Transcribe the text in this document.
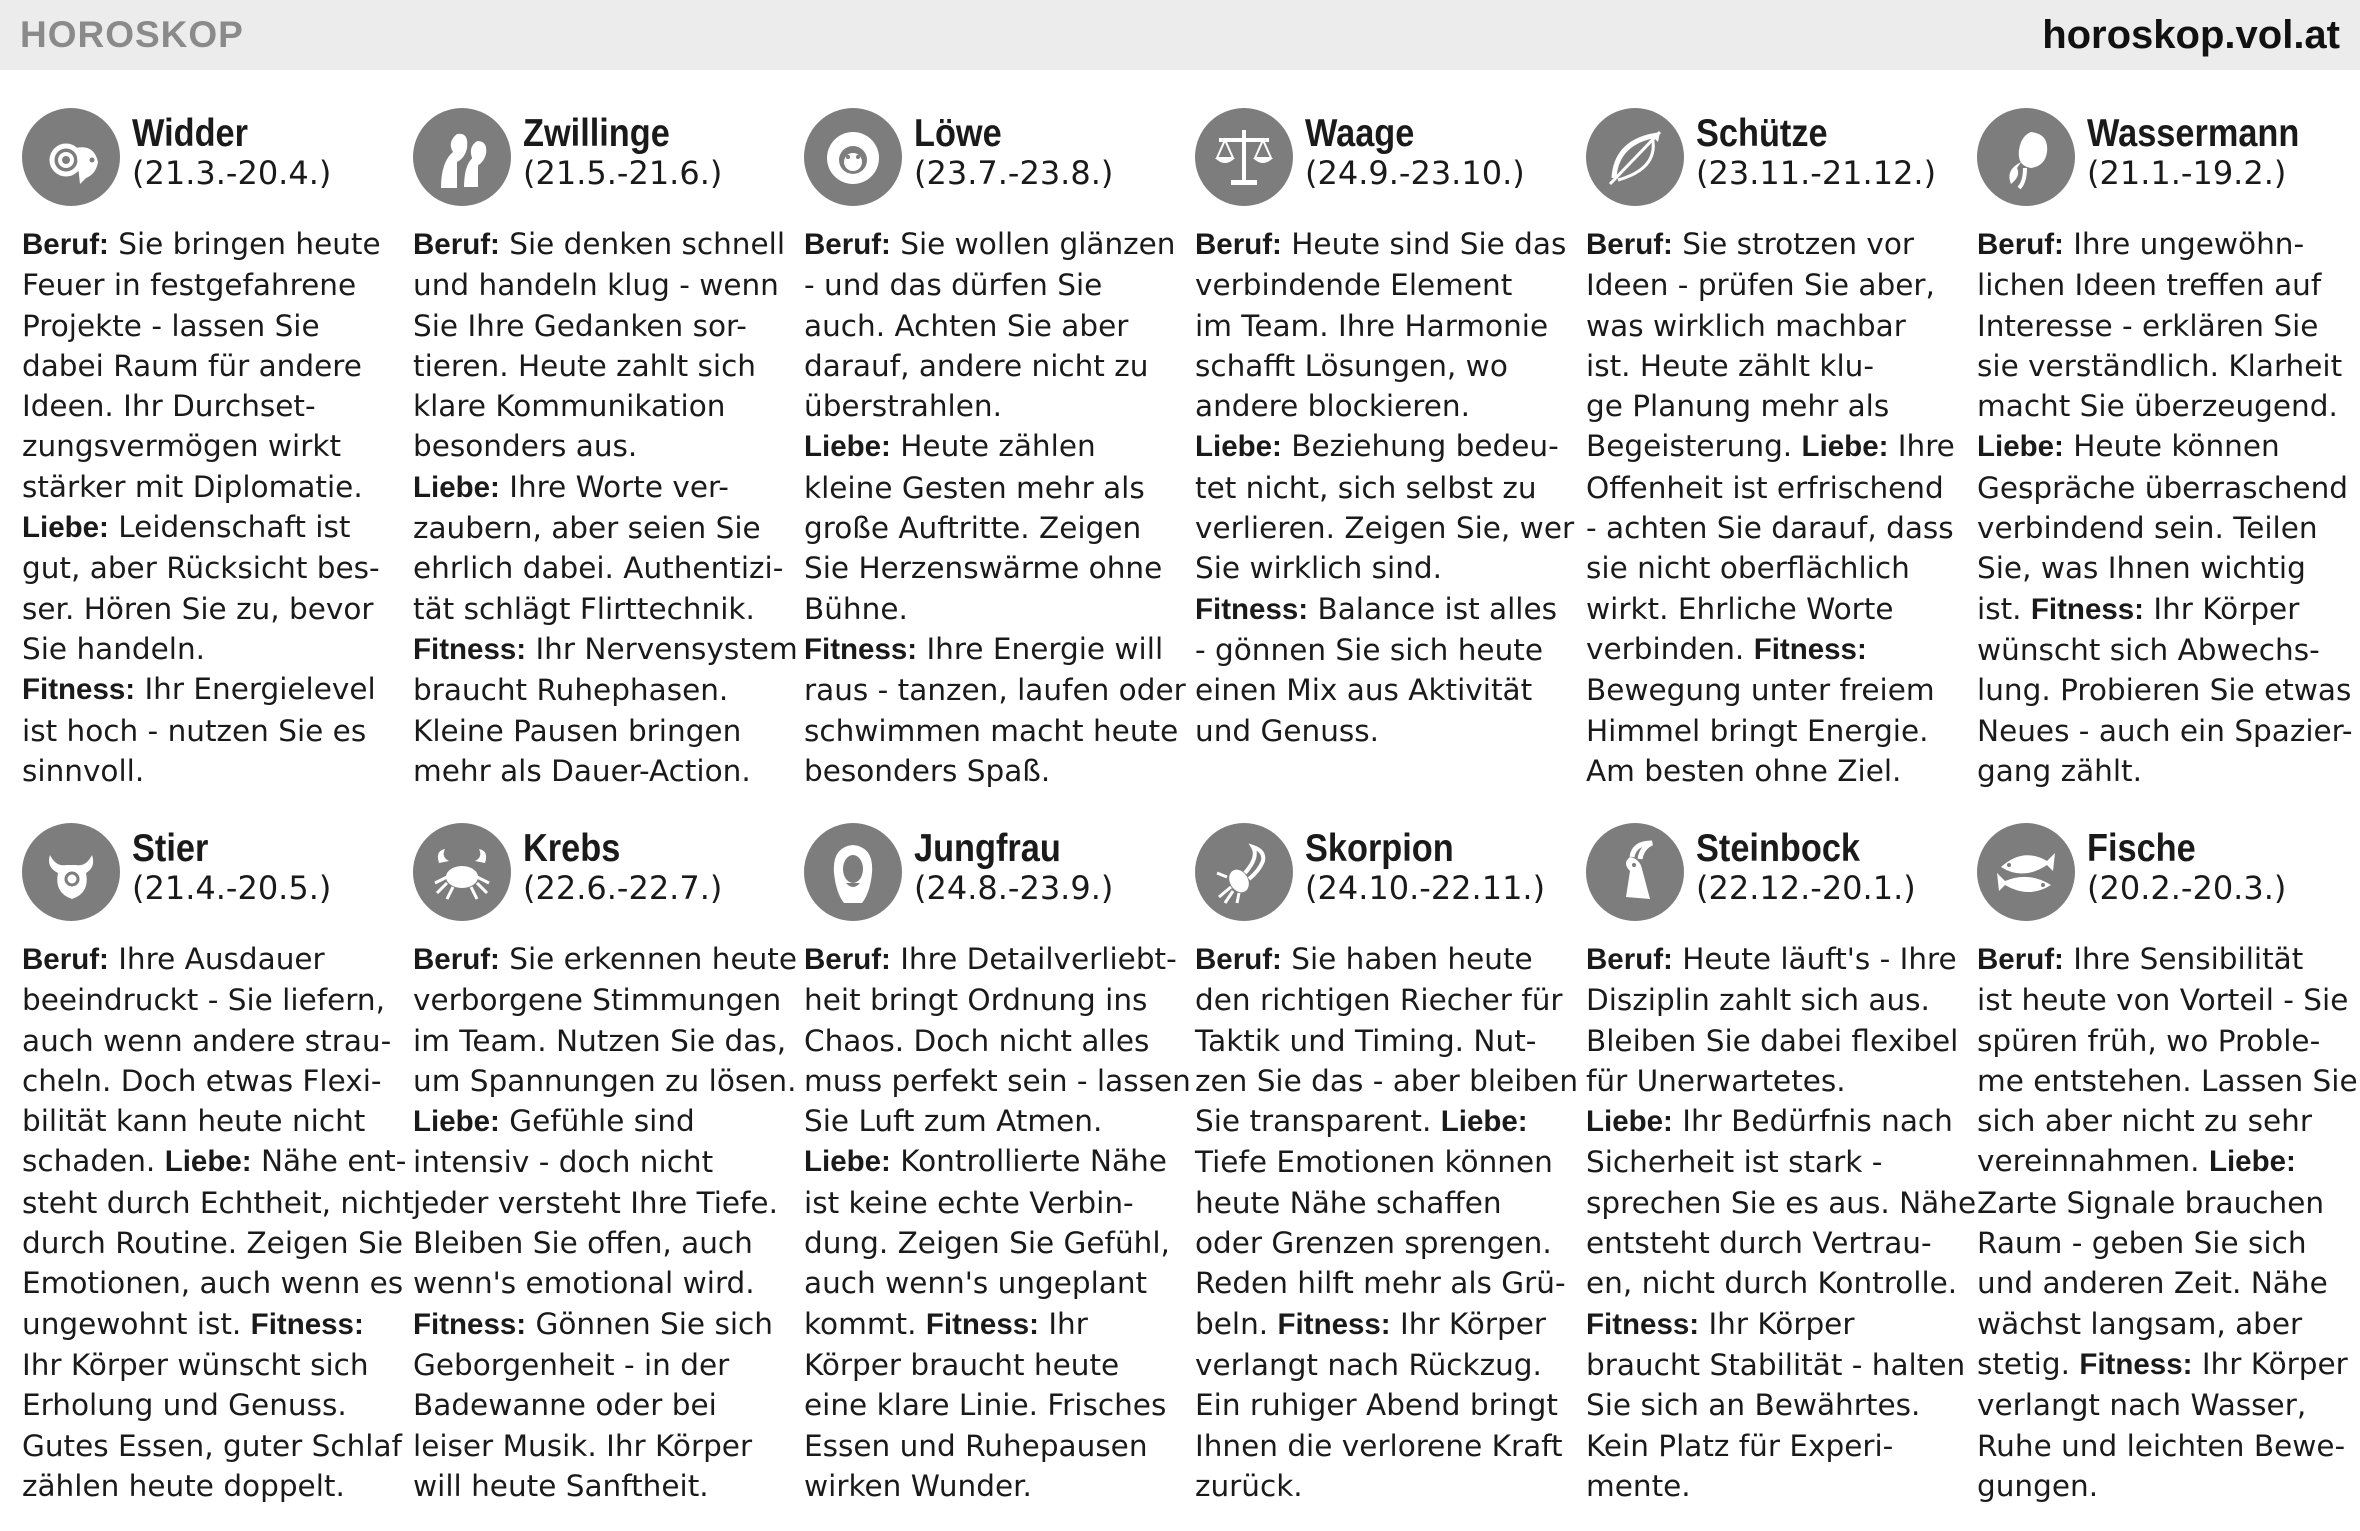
HOROSKOP	horoskop.vol.at
Widder
(21.3.-20.4.)
Beruf: Sie bringen heute
Feuer in festgefahrene
Projekte - lassen Sie
dabei Raum für andere
Ideen. Ihr Durchset-
zungsvermögen wirkt
stärker mit Diplomatie.
Liebe: Leidenschaft ist
gut, aber Rücksicht bes-
ser. Hören Sie zu, bevor
Sie handeln.
Fitness: Ihr Energielevel
ist hoch - nutzen Sie es
sinnvoll.
Zwillinge
(21.5.-21.6.)
Beruf: Sie denken schnell
und handeln klug - wenn
Sie Ihre Gedanken sor-
tieren. Heute zahlt sich
klare Kommunikation
besonders aus.
Liebe: Ihre Worte ver-
zaubern, aber seien Sie
ehrlich dabei. Authentizi-
tät schlägt Flirttechnik.
Fitness: Ihr Nervensystem
braucht Ruhephasen.
Kleine Pausen bringen
mehr als Dauer-Action.
Löwe
(23.7.-23.8.)
Beruf: Sie wollen glänzen
- und das dürfen Sie
auch. Achten Sie aber
darauf, andere nicht zu
überstrahlen.
Liebe: Heute zählen
kleine Gesten mehr als
große Auftritte. Zeigen
Sie Herzenswärme ohne
Bühne.
Fitness: Ihre Energie will
raus - tanzen, laufen oder
schwimmen macht heute
besonders Spaß.
Waage
(24.9.-23.10.)
Beruf: Heute sind Sie das
verbindende Element
im Team. Ihre Harmonie
schafft Lösungen, wo
andere blockieren.
Liebe: Beziehung bedeu-
tet nicht, sich selbst zu
verlieren. Zeigen Sie, wer
Sie wirklich sind.
Fitness: Balance ist alles
- gönnen Sie sich heute
einen Mix aus Aktivität
und Genuss.
Schütze
(23.11.-21.12.)
Beruf: Sie strotzen vor
Ideen - prüfen Sie aber,
was wirklich machbar
ist. Heute zählt klu-
ge Planung mehr als
Begeisterung. Liebe: Ihre
Offenheit ist erfrischend
- achten Sie darauf, dass
sie nicht oberflächlich
wirkt. Ehrliche Worte
verbinden. Fitness:
Bewegung unter freiem
Himmel bringt Energie.
Am besten ohne Ziel.
Wassermann
(21.1.-19.2.)
Beruf: Ihre ungewöhn-
lichen Ideen treffen auf
Interesse - erklären Sie
sie verständlich. Klarheit
macht Sie überzeugend.
Liebe: Heute können
Gespräche überraschend
verbindend sein. Teilen
Sie, was Ihnen wichtig
ist. Fitness: Ihr Körper
wünscht sich Abwechs-
lung. Probieren Sie etwas
Neues - auch ein Spazier-
gang zählt.
Stier
(21.4.-20.5.)
Beruf: Ihre Ausdauer
beeindruckt - Sie liefern,
auch wenn andere strau-
cheln. Doch etwas Flexi-
bilität kann heute nicht
schaden. Liebe: Nähe ent-
steht durch Echtheit, nicht
durch Routine. Zeigen Sie
Emotionen, auch wenn es
ungewohnt ist. Fitness:
Ihr Körper wünscht sich
Erholung und Genuss.
Gutes Essen, guter Schlaf
zählen heute doppelt.
Krebs
(22.6.-22.7.)
Beruf: Sie erkennen heute
verborgene Stimmungen
im Team. Nutzen Sie das,
um Spannungen zu lösen.
Liebe: Gefühle sind
intensiv - doch nicht
jeder versteht Ihre Tiefe.
Bleiben Sie offen, auch
wenn's emotional wird.
Fitness: Gönnen Sie sich
Geborgenheit - in der
Badewanne oder bei
leiser Musik. Ihr Körper
will heute Sanftheit.
Jungfrau
(24.8.-23.9.)
Beruf: Ihre Detailverliebt-
heit bringt Ordnung ins
Chaos. Doch nicht alles
muss perfekt sein - lassen
Sie Luft zum Atmen.
Liebe: Kontrollierte Nähe
ist keine echte Verbin-
dung. Zeigen Sie Gefühl,
auch wenn's ungeplant
kommt. Fitness: Ihr
Körper braucht heute
eine klare Linie. Frisches
Essen und Ruhepausen
wirken Wunder.
Skorpion
(24.10.-22.11.)
Beruf: Sie haben heute
den richtigen Riecher für
Taktik und Timing. Nut-
zen Sie das - aber bleiben
Sie transparent. Liebe:
Tiefe Emotionen können
heute Nähe schaffen
oder Grenzen sprengen.
Reden hilft mehr als Grü-
beln. Fitness: Ihr Körper
verlangt nach Rückzug.
Ein ruhiger Abend bringt
Ihnen die verlorene Kraft
zurück.
Steinbock
(22.12.-20.1.)
Beruf: Heute läuft's - Ihre
Disziplin zahlt sich aus.
Bleiben Sie dabei flexibel
für Unerwartetes.
Liebe: Ihr Bedürfnis nach
Sicherheit ist stark -
sprechen Sie es aus. Nähe
entsteht durch Vertrau-
en, nicht durch Kontrolle.
Fitness: Ihr Körper
braucht Stabilität - halten
Sie sich an Bewährtes.
Kein Platz für Experi-
mente.
Fische
(20.2.-20.3.)
Beruf: Ihre Sensibilität
ist heute von Vorteil - Sie
spüren früh, wo Proble-
me entstehen. Lassen Sie
sich aber nicht zu sehr
vereinnahmen. Liebe:
Zarte Signale brauchen
Raum - geben Sie sich
und anderen Zeit. Nähe
wächst langsam, aber
stetig. Fitness: Ihr Körper
verlangt nach Wasser,
Ruhe und leichten Bewe-
gungen.
